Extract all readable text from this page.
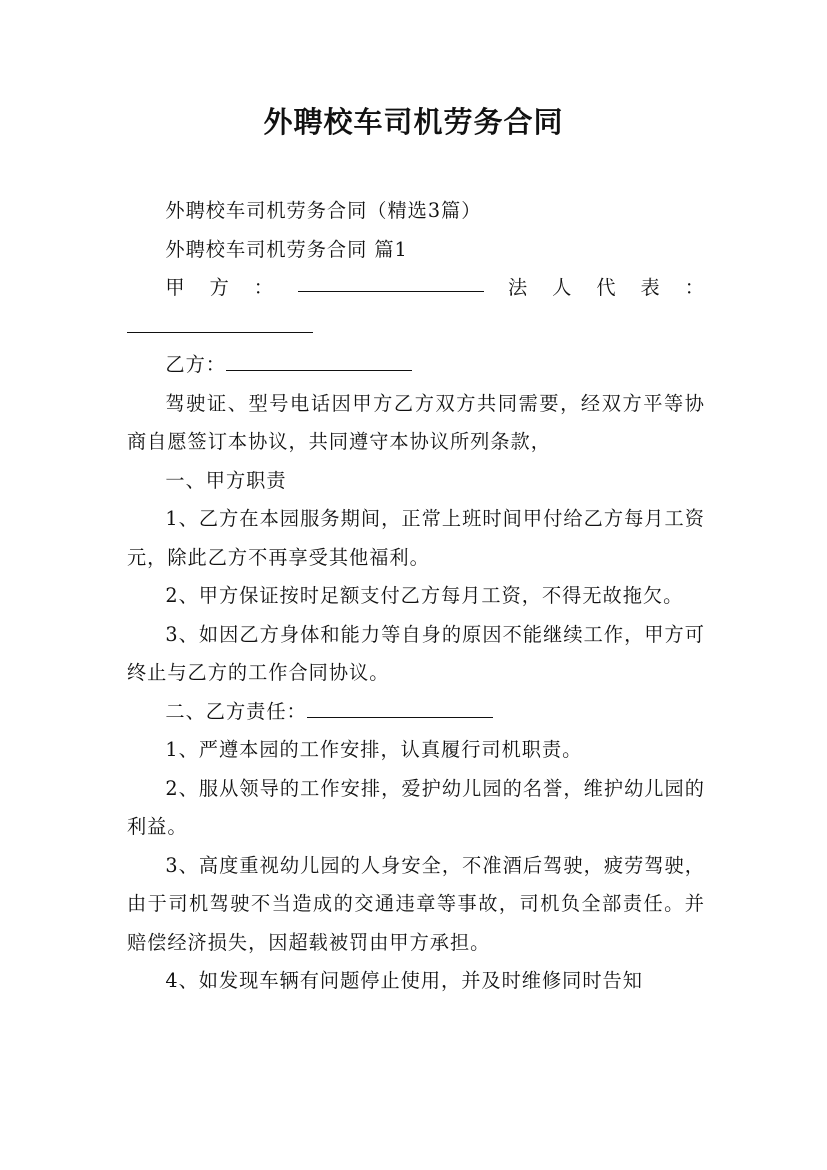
外聘校车司机劳务合同

外聘校车司机劳务合同（精选3篇）

外聘校车司机劳务合同 篇1

甲 方 ：	法 人 代 表 ：

乙方：

驾驶证、型号电话因甲方乙方双方共同需要，经双方平等协商自愿签订本协议，共同遵守本协议所列条款，

一、甲方职责

1、乙方在本园服务期间，正常上班时间甲付给乙方每月工资元，除此乙方不再享受其他福利。

2、甲方保证按时足额支付乙方每月工资，不得无故拖欠。

3、如因乙方身体和能力等自身的原因不能继续工作，甲方可终止与乙方的工作合同协议。

二、乙方责任：

1、严遵本园的工作安排，认真履行司机职责。

2、服从领导的工作安排，爱护幼儿园的名誉，维护幼儿园的利益。

3、高度重视幼儿园的人身安全，不准酒后驾驶，疲劳驾驶，由于司机驾驶不当造成的交通违章等事故，司机负全部责任。并赔偿经济损失，因超载被罚由甲方承担。

4、如发现车辆有问题停止使用，并及时维修同时告知
